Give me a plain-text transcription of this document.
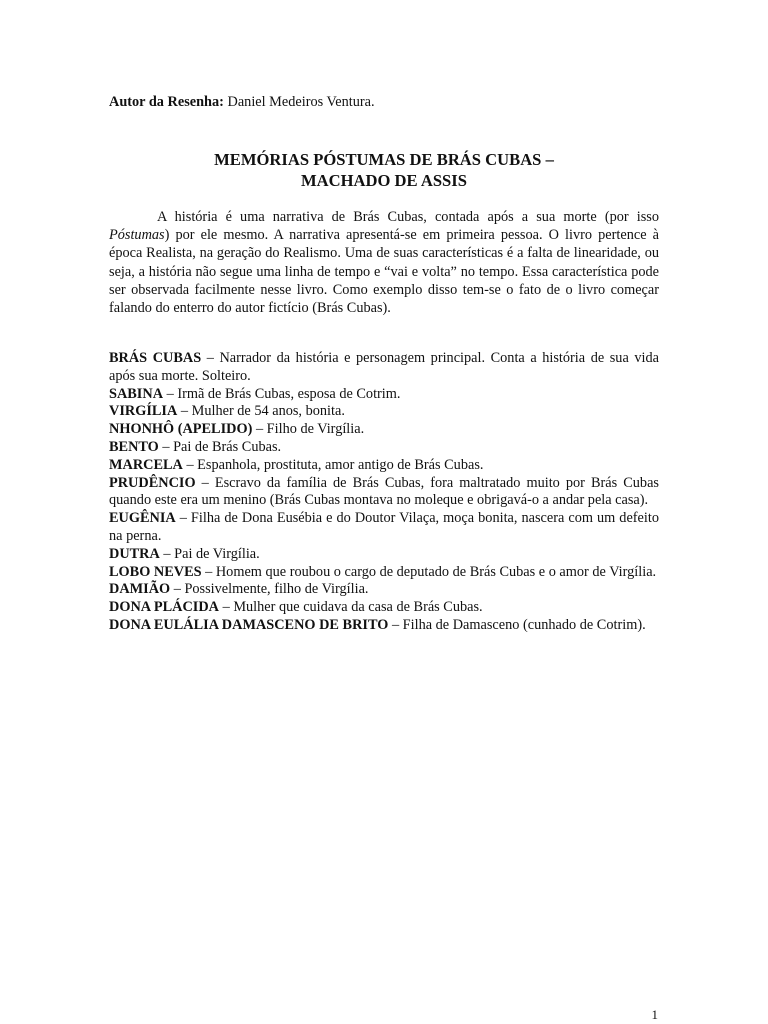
Autor da Resenha: Daniel Medeiros Ventura.
MEMÓRIAS PÓSTUMAS DE BRÁS CUBAS –
MACHADO DE ASSIS

A história é uma narrativa de Brás Cubas, contada após a sua morte (por isso Póstumas) por ele mesmo. A narrativa apresentá-se em primeira pessoa. O livro pertence à época Realista, na geração do Realismo. Uma de suas características é a falta de linearidade, ou seja, a história não segue uma linha de tempo e “vai e volta” no tempo. Essa característica pode ser observada facilmente nesse livro. Como exemplo disso tem-se o fato de o livro começar falando do enterro do autor fictício (Brás Cubas).

BRÁS CUBAS – Narrador da história e personagem principal. Conta a história de sua vida após sua morte. Solteiro.

SABINA – Irmã de Brás Cubas, esposa de Cotrim.

VIRGÍLIA – Mulher de 54 anos, bonita.

NHONHÔ (APELIDO) – Filho de Virgília.

BENTO – Pai de Brás Cubas.

MARCELA – Espanhola, prostituta, amor antigo de Brás Cubas.

PRUDÊNCIO – Escravo da família de Brás Cubas, fora maltratado muito por Brás Cubas quando este era um menino (Brás Cubas montava no moleque e obrigavá-o a andar pela casa).

EUGÊNIA – Filha de Dona Eusébia e do Doutor Vilaça, moça bonita, nascera com um defeito na perna.

DUTRA – Pai de Virgília.

LOBO NEVES – Homem que roubou o cargo de deputado de Brás Cubas e o amor de Virgília.

DAMIÃO – Possivelmente, filho de Virgília.

DONA PLÁCIDA – Mulher que cuidava da casa de Brás Cubas.

DONA EULÁLIA DAMASCENO DE BRITO – Filha de Damasceno (cunhado de Cotrim).

1
